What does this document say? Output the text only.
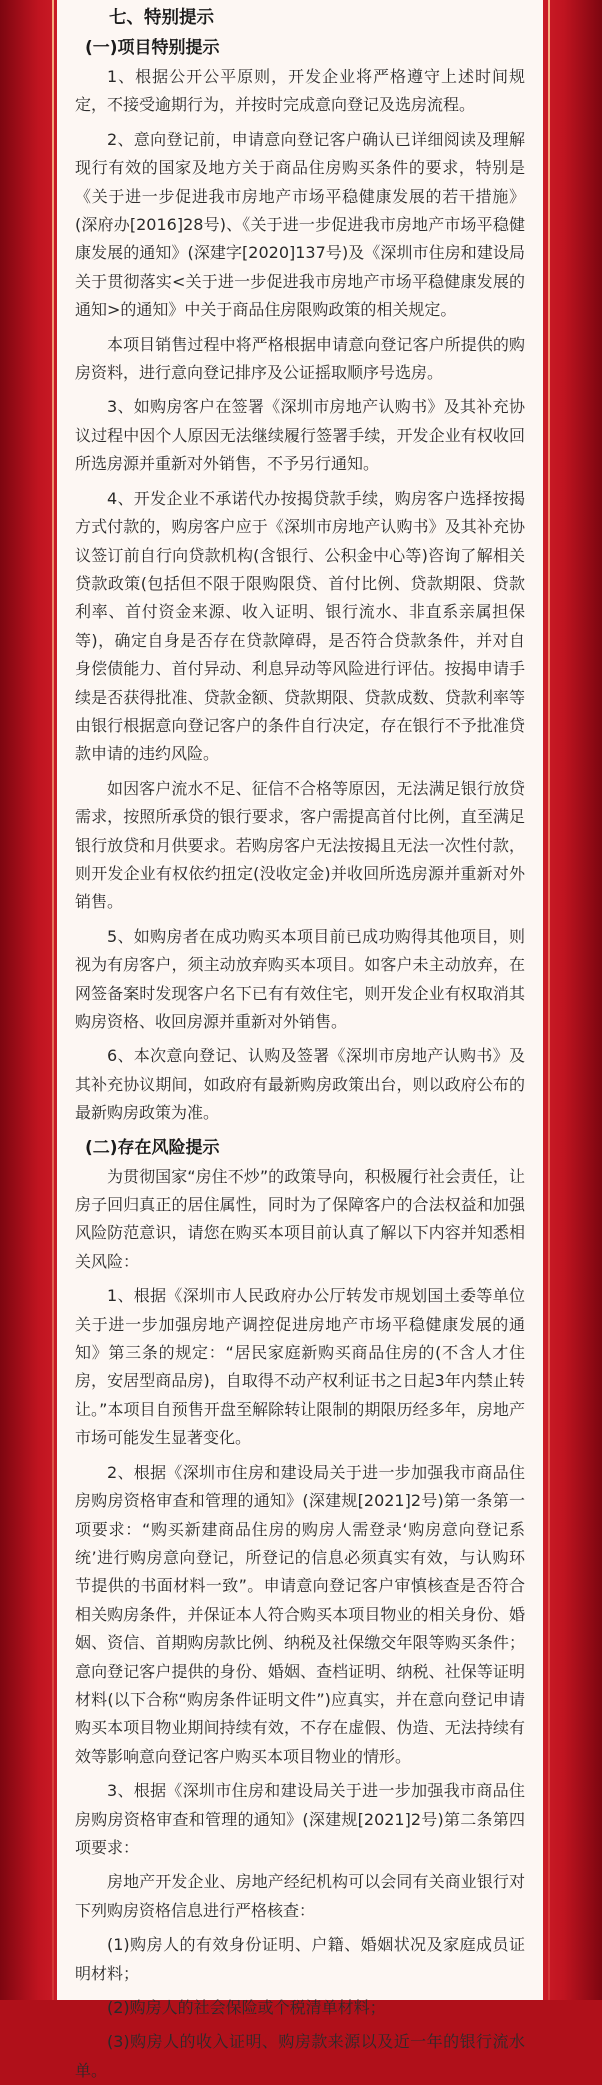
七、特别提示
(一)项目特别提示

1、根据公开公平原则，开发企业将严格遵守上述时间规定，不接受逾期行为，并按时完成意向登记及选房流程。

2、意向登记前，申请意向登记客户确认已详细阅读及理解现行有效的国家及地方关于商品住房购买条件的要求，特别是《关于进一步促进我市房地产市场平稳健康发展的若干措施》(深府办[2016]28号)、《关于进一步促进我市房地产市场平稳健康发展的通知》(深建字[2020]137号)及《深圳市住房和建设局关于贯彻落实<关于进一步促进我市房地产市场平稳健康发展的通知>的通知》中关于商品住房限购政策的相关规定。

本项目销售过程中将严格根据申请意向登记客户所提供的购房资料，进行意向登记排序及公证摇取顺序号选房。

3、如购房客户在签署《深圳市房地产认购书》及其补充协议过程中因个人原因无法继续履行签署手续，开发企业有权收回所选房源并重新对外销售，不予另行通知。

4、开发企业不承诺代办按揭贷款手续，购房客户选择按揭方式付款的，购房客户应于《深圳市房地产认购书》及其补充协议签订前自行向贷款机构(含银行、公积金中心等)咨询了解相关贷款政策(包括但不限于限购限贷、首付比例、贷款期限、贷款利率、首付资金来源、收入证明、银行流水、非直系亲属担保等)，确定自身是否存在贷款障碍，是否符合贷款条件，并对自身偿债能力、首付异动、利息异动等风险进行评估。按揭申请手续是否获得批准、贷款金额、贷款期限、贷款成数、贷款利率等由银行根据意向登记客户的条件自行决定，存在银行不予批准贷款申请的违约风险。

如因客户流水不足、征信不合格等原因，无法满足银行放贷需求，按照所承贷的银行要求，客户需提高首付比例，直至满足银行放贷和月供要求。若购房客户无法按揭且无法一次性付款，则开发企业有权依约扭定(没收定金)并收回所选房源并重新对外销售。

5、如购房者在成功购买本项目前已成功购得其他项目，则视为有房客户，须主动放弃购买本项目。如客户未主动放弃，在网签备案时发现客户名下已有有效住宅，则开发企业有权取消其购房资格、收回房源并重新对外销售。

6、本次意向登记、认购及签署《深圳市房地产认购书》及其补充协议期间，如政府有最新购房政策出台，则以政府公布的最新购房政策为准。

(二)存在风险提示

为贯彻国家“房住不炒”的政策导向，积极履行社会责任，让房子回归真正的居住属性，同时为了保障客户的合法权益和加强风险防范意识，请您在购买本项目前认真了解以下内容并知悉相关风险：

1、根据《深圳市人民政府办公厅转发市规划国土委等单位关于进一步加强房地产调控促进房地产市场平稳健康发展的通知》第三条的规定：“居民家庭新购买商品住房的(不含人才住房，安居型商品房)，自取得不动产权利证书之日起3年内禁止转让。”本项目自预售开盘至解除转让限制的期限历经多年，房地产市场可能发生显著变化。

2、根据《深圳市住房和建设局关于进一步加强我市商品住房购房资格审查和管理的通知》(深建规[2021]2号)第一条第一项要求：“购买新建商品住房的购房人需登录‘购房意向登记系统’进行购房意向登记，所登记的信息必须真实有效，与认购环节提供的书面材料一致”。申请意向登记客户审慎核查是否符合相关购房条件，并保证本人符合购买本项目物业的相关身份、婚姻、资信、首期购房款比例、纳税及社保缴交年限等购买条件；意向登记客户提供的身份、婚姻、查档证明、纳税、社保等证明材料(以下合称“购房条件证明文件”)应真实，并在意向登记申请购买本项目物业期间持续有效，不存在虚假、伪造、无法持续有效等影响意向登记客户购买本项目物业的情形。

3、根据《深圳市住房和建设局关于进一步加强我市商品住房购房资格审查和管理的通知》(深建规[2021]2号)第二条第四项要求：

房地产开发企业、房地产经纪机构可以会同有关商业银行对下列购房资格信息进行严格核查：

(1)购房人的有效身份证明、户籍、婚姻状况及家庭成员证明材料；

(2)购房人的社会保险或个税清单材料；

(3)购房人的收入证明、购房款来源以及近一年的银行流水单。
